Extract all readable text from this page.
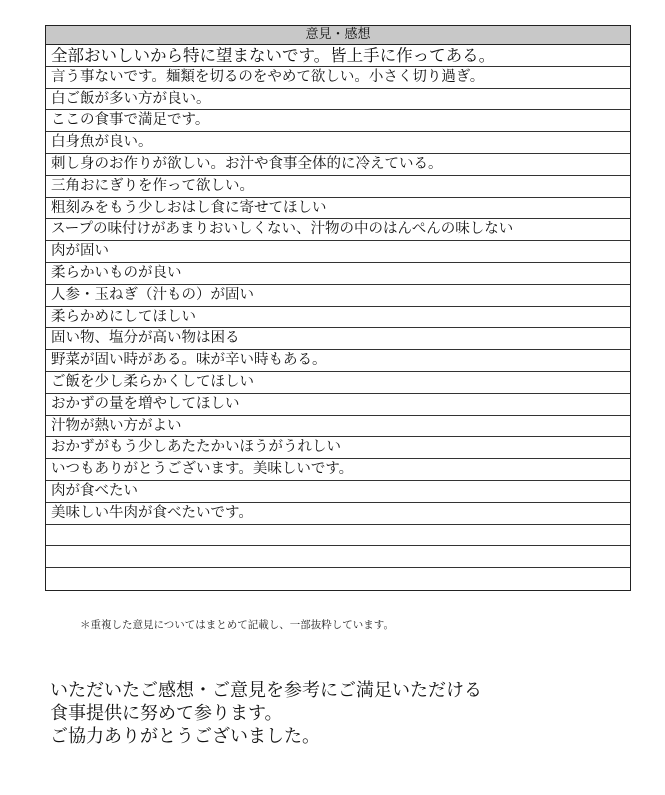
意見・感想
全部おいしいから特に望まないです。皆上手に作ってある。
言う事ないです。麺類を切るのをやめて欲しい。小さく切り過ぎ。
白ご飯が多い方が良い。
ここの食事で満足です。
白身魚が良い。
刺し身のお作りが欲しい。お汁や食事全体的に冷えている。
三角おにぎりを作って欲しい。
粗刻みをもう少しおはし食に寄せてほしい
スープの味付けがあまりおいしくない、汁物の中のはんぺんの味しない
肉が固い
柔らかいものが良い
人参・玉ねぎ（汁もの）が固い
柔らかめにしてほしい
固い物、塩分が高い物は困る
野菜が固い時がある。味が辛い時もある。
ご飯を少し柔らかくしてほしい
おかずの量を増やしてほしい
汁物が熱い方がよい
おかずがもう少しあたたかいほうがうれしい
いつもありがとうございます。美味しいです。
肉が食べたい
美味しい牛肉が食べたいです。
＊重複した意見についてはまとめて記載し、一部抜粋しています。
いただいたご感想・ご意見を参考にご満足いただける
食事提供に努めて参ります。
ご協力ありがとうございました。
